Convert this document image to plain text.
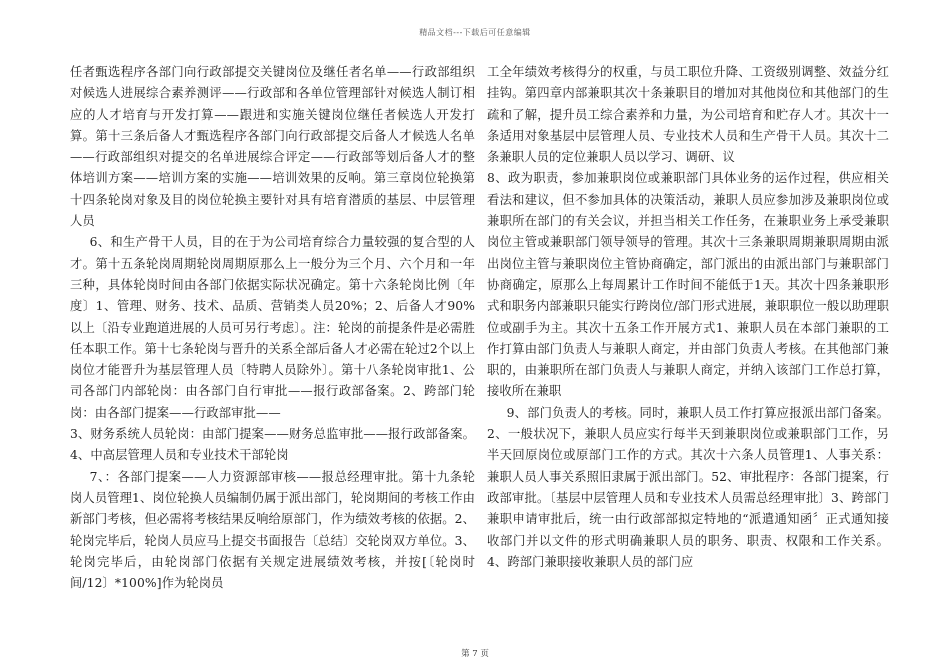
精品文档---下载后可任意编辑

任者甄选程序各部门向行政部提交关键岗位及继任者名单——行政部组织对候选人进展综合素养测评——行政部和各单位管理部针对候选人制订相应的人才培育与开发打算——跟进和实施关键岗位继任者候选人开发打算。第十三条后备人才甄选程序各部门向行政部提交后备人才候选人名单——行政部组织对提交的名单进展综合评定——行政部等划后备人才的整体培训方案——培训方案的实施——培训效果的反响。第三章岗位轮换第十四条轮岗对象及目的岗位轮换主要针对具有培育潜质的基层、中层管理人员

6、和生产骨干人员，目的在于为公司培育综合力量较强的复合型的人才。第十五条轮岗周期轮岗周期原那么上一般分为三个月、六个月和一年三种，具体轮岗时间由各部门依据实际状况确定。第十六条轮岗比例〔年度〕1、管理、财务、技术、品质、营销类人员20%；2、后备人才90%以上〔沿专业跑道进展的人员可另行考虑〕。注：轮岗的前提条件是必需胜任本职工作。第十七条轮岗与晋升的关系全部后备人才必需在轮过2个以上岗位才能晋升为基层管理人员〔特聘人员除外〕。第十八条轮岗审批1、公司各部门内部轮岗：由各部门自行审批——报行政部备案。2、跨部门轮岗：由各部门提案——行政部审批——

3、财务系统人员轮岗：由部门提案——财务总监审批——报行政部备案。4、中高层管理人员和专业技术干部轮岗

7、：各部门提案——人力资源部审核——报总经理审批。第十九条轮岗人员管理1、岗位轮换人员编制仍属于派出部门，轮岗期间的考核工作由新部门考核，但必需将考核结果反响给原部门，作为绩效考核的依据。2、轮岗完毕后，轮岗人员应马上提交书面报告〔总结〕交轮岗双方单位。3、轮岗完毕后，由轮岗部门依据有关规定进展绩效考核，并按[〔轮岗时间/12〕*100%]作为轮岗员

工全年绩效考核得分的权重，与员工职位升降、工资级别调整、效益分红挂钩。第四章内部兼职其次十条兼职目的增加对其他岗位和其他部门的生疏和了解，提升员工综合素养和力量，为公司培育和贮存人才。其次十一条适用对象基层中层管理人员、专业技术人员和生产骨干人员。其次十二条兼职人员的定位兼职人员以学习、调研、议

8、政为职责，参加兼职岗位或兼职部门具体业务的运作过程，供应相关看法和建议，但不参加具体的决策活动，兼职人员应参加涉及兼职岗位或兼职所在部门的有关会议，并担当相关工作任务，在兼职业务上承受兼职岗位主管或兼职部门领导领导的管理。其次十三条兼职周期兼职周期由派出岗位主管与兼职岗位主管协商确定，部门派出的由派出部门与兼职部门协商确定，原那么上每周累计工作时间不能低于1天。其次十四条兼职形式和职务内部兼职只能实行跨岗位/部门形式进展，兼职职位一般以助理职位或副手为主。其次十五条工作开展方式1、兼职人员在本部门兼职的工作打算由部门负责人与兼职人商定，并由部门负责人考核。在其他部门兼职的，由兼职所在部门负责人与兼职人商定，并纳入该部门工作总打算，接收所在兼职

9、部门负责人的考核。同时，兼职人员工作打算应报派出部门备案。2、一般状况下，兼职人员应实行每半天到兼职岗位或兼职部门工作，另半天回原岗位或原部门工作的方式。其次十六条人员管理1、人事关系：兼职人员人事关系照旧隶属于派出部门。52、审批程序：各部门提案，行政部审批。〔基层中层管理人员和专业技术人员需总经理审批〕3、跨部门兼职申请审批后，统一由行政部部拟定特地的“派遣通知函〞正式通知接收部门并以文件的形式明确兼职人员的职务、职责、权限和工作关系。4、跨部门兼职接收兼职人员的部门应

第 7 页
